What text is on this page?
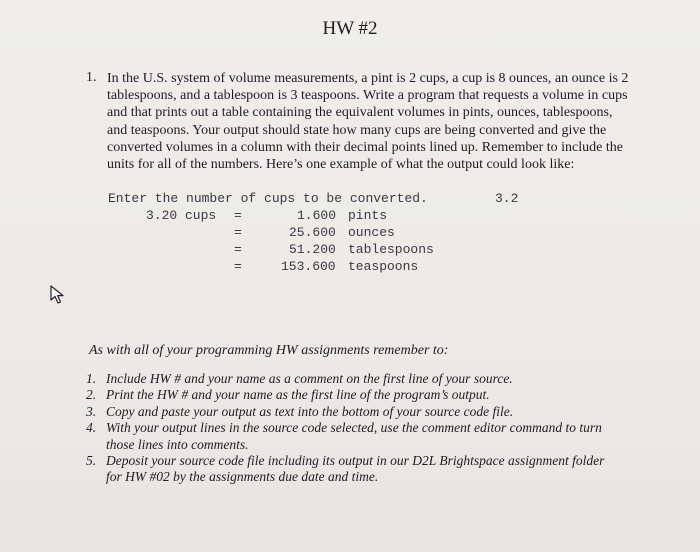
HW #2
1. In the U.S. system of volume measurements, a pint is 2 cups, a cup is 8 ounces, an ounce is 2
tablespoons, and a tablespoon is 3 teaspoons. Write a program that requests a volume in cups
and that prints out a table containing the equivalent volumes in pints, ounces, tablespoons,
and teaspoons. Your output should state how many cups are being converted and give the
converted volumes in a column with their decimal points lined up. Remember to include the
units for all of the numbers. Here’s one example of what the output could look like:
Enter the number of cups to be converted.	3.2
3.20 cups =	1.600 pints
=	25.600 ounces
=	51.200 tablespoons
=	153.600 teaspoons
As with all of your programming HW assignments remember to:
1. Include HW # and your name as a comment on the first line of your source.
2. Print the HW # and your name as the first line of the program’s output.
3. Copy and paste your output as text into the bottom of your source code file.
4. With your output lines in the source code selected, use the comment editor command to turn
those lines into comments.
5. Deposit your source code file including its output in our D2L Brightspace assignment folder
for HW #02 by the assignments due date and time.
